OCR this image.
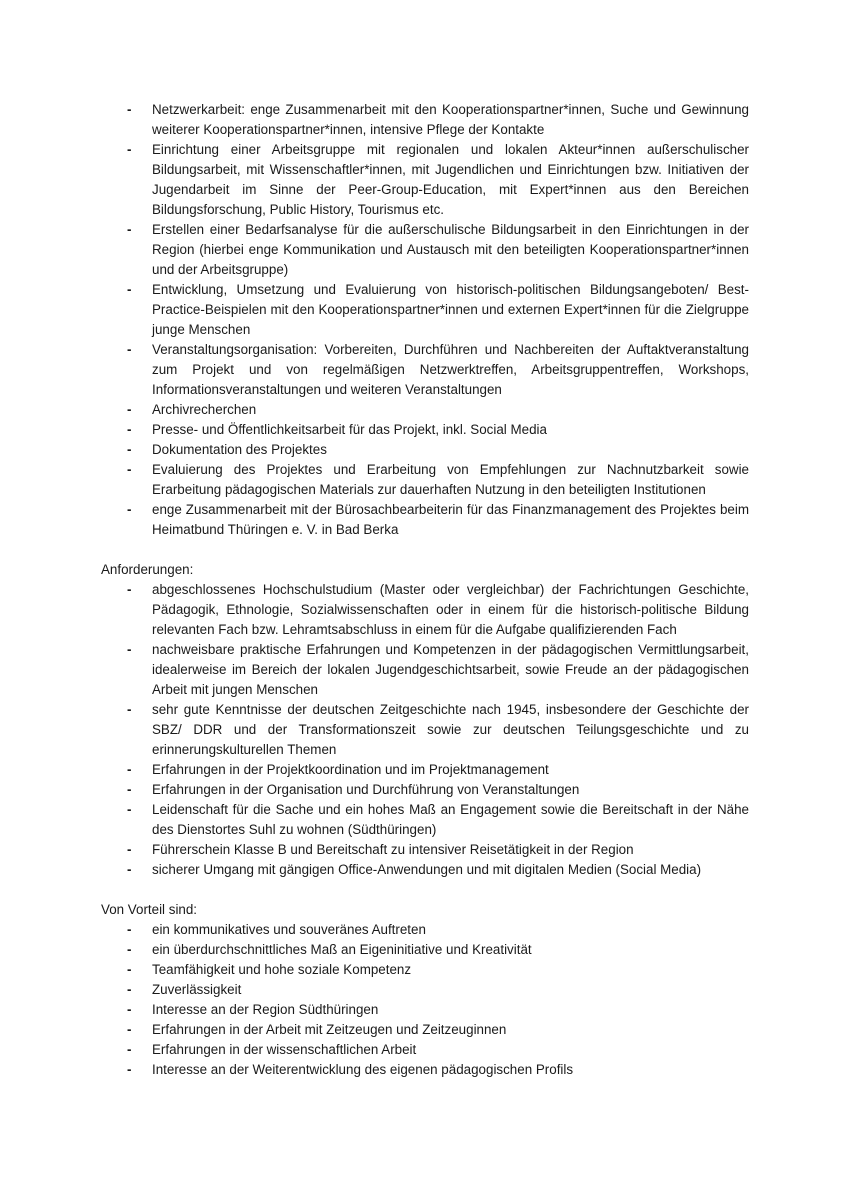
- Netzwerkarbeit: enge Zusammenarbeit mit den Kooperationspartner*innen, Suche und Gewinnung weiterer Kooperationspartner*innen, intensive Pflege der Kontakte
- Einrichtung einer Arbeitsgruppe mit regionalen und lokalen Akteur*innen außerschulischer Bildungsarbeit, mit Wissenschaftler*innen, mit Jugendlichen und Einrichtungen bzw. Initiativen der Jugendarbeit im Sinne der Peer-Group-Education, mit Expert*innen aus den Bereichen Bildungsforschung, Public History, Tourismus etc.
- Erstellen einer Bedarfsanalyse für die außerschulische Bildungsarbeit in den Einrichtungen in der Region (hierbei enge Kommunikation und Austausch mit den beteiligten Kooperationspartner*innen und der Arbeitsgruppe)
- Entwicklung, Umsetzung und Evaluierung von historisch-politischen Bildungsangeboten/ Best-Practice-Beispielen mit den Kooperationspartner*innen und externen Expert*innen für die Zielgruppe junge Menschen
- Veranstaltungsorganisation: Vorbereiten, Durchführen und Nachbereiten der Auftaktveranstaltung zum Projekt und von regelmäßigen Netzwerktreffen, Arbeitsgruppentreffen, Workshops, Informationsveranstaltungen und weiteren Veranstaltungen
- Archivrecherchen
- Presse- und Öffentlichkeitsarbeit für das Projekt, inkl. Social Media
- Dokumentation des Projektes
- Evaluierung des Projektes und Erarbeitung von Empfehlungen zur Nachnutzbarkeit sowie Erarbeitung pädagogischen Materials zur dauerhaften Nutzung in den beteiligten Institutionen
- enge Zusammenarbeit mit der Bürosachbearbeiterin für das Finanzmanagement des Projektes beim Heimatbund Thüringen e. V. in Bad Berka

Anforderungen:

- abgeschlossenes Hochschulstudium (Master oder vergleichbar) der Fachrichtungen Geschichte, Pädagogik, Ethnologie, Sozialwissenschaften oder in einem für die historisch-politische Bildung relevanten Fach bzw. Lehramtsabschluss in einem für die Aufgabe qualifizierenden Fach
- nachweisbare praktische Erfahrungen und Kompetenzen in der pädagogischen Vermittlungsarbeit, idealerweise im Bereich der lokalen Jugendgeschichtsarbeit, sowie Freude an der pädagogischen Arbeit mit jungen Menschen
- sehr gute Kenntnisse der deutschen Zeitgeschichte nach 1945, insbesondere der Geschichte der SBZ/ DDR und der Transformationszeit sowie zur deutschen Teilungsgeschichte und zu erinnerungskulturellen Themen
- Erfahrungen in der Projektkoordination und im Projektmanagement
- Erfahrungen in der Organisation und Durchführung von Veranstaltungen
- Leidenschaft für die Sache und ein hohes Maß an Engagement sowie die Bereitschaft in der Nähe des Dienstortes Suhl zu wohnen (Südthüringen)
- Führerschein Klasse B und Bereitschaft zu intensiver Reisetätigkeit in der Region
- sicherer Umgang mit gängigen Office-Anwendungen und mit digitalen Medien (Social Media)

Von Vorteil sind:

- ein kommunikatives und souveränes Auftreten
- ein überdurchschnittliches Maß an Eigeninitiative und Kreativität
- Teamfähigkeit und hohe soziale Kompetenz
- Zuverlässigkeit
- Interesse an der Region Südthüringen
- Erfahrungen in der Arbeit mit Zeitzeugen und Zeitzeuginnen
- Erfahrungen in der wissenschaftlichen Arbeit
- Interesse an der Weiterentwicklung des eigenen pädagogischen Profils
